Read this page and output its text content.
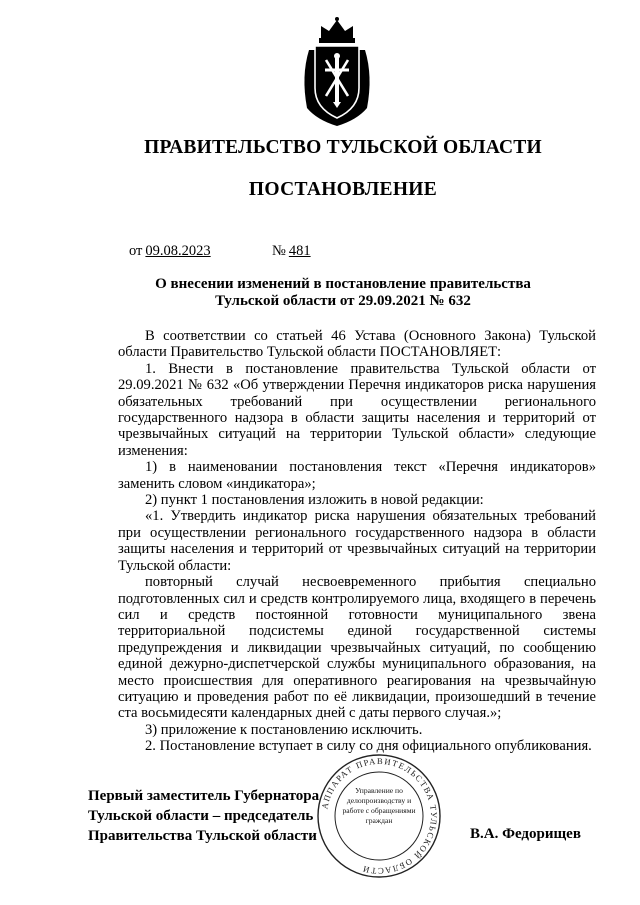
ПРАВИТЕЛЬСТВО ТУЛЬСКОЙ ОБЛАСТИ
ПОСТАНОВЛЕНИЕ
от 09.08.2023	№ 481
О внесении изменений в постановление правительства
Тульской области от 29.09.2021 № 632

В соответствии со статьей 46 Устава (Основного Закона) Тульской области Правительство Тульской области ПОСТАНОВЛЯЕТ:

1. Внести в постановление правительства Тульской области от 29.09.2021 № 632 «Об утверждении Перечня индикаторов риска нарушения обязательных требований при осуществлении регионального государственного надзора в области защиты населения и территорий от чрезвычайных ситуаций на территории Тульской области» следующие изменения:

1) в наименовании постановления текст «Перечня индикаторов» заменить словом «индикатора»;

2) пункт 1 постановления изложить в новой редакции:

«1. Утвердить индикатор риска нарушения обязательных требований при осуществлении регионального государственного надзора в области защиты населения и территорий от чрезвычайных ситуаций на территории Тульской области:

повторный случай несвоевременного прибытия специально подготовленных сил и средств контролируемого лица, входящего в перечень сил и средств постоянной готовности муниципального звена территориальной подсистемы единой государственной системы предупреждения и ликвидации чрезвычайных ситуаций, по сообщению единой дежурно-диспетчерской службы муниципального образования, на место происшествия для оперативного реагирования на чрезвычайную ситуацию и проведения работ по её ликвидации, произошедший в течение ста восьмидесяти календарных дней с даты первого случая.»;

3) приложение к постановлению исключить.

2. Постановление вступает в силу со дня официального опубликования.

Первый заместитель Губернатора
Тульской области – председатель
Правительства Тульской области	В.А. Федорищев
АППАРАТ ПРАВИТЕЛЬСТВА ТУЛЬСКОЙ ОБЛАСТИ
Управление по делопроизводству и работе с обращениями граждан
